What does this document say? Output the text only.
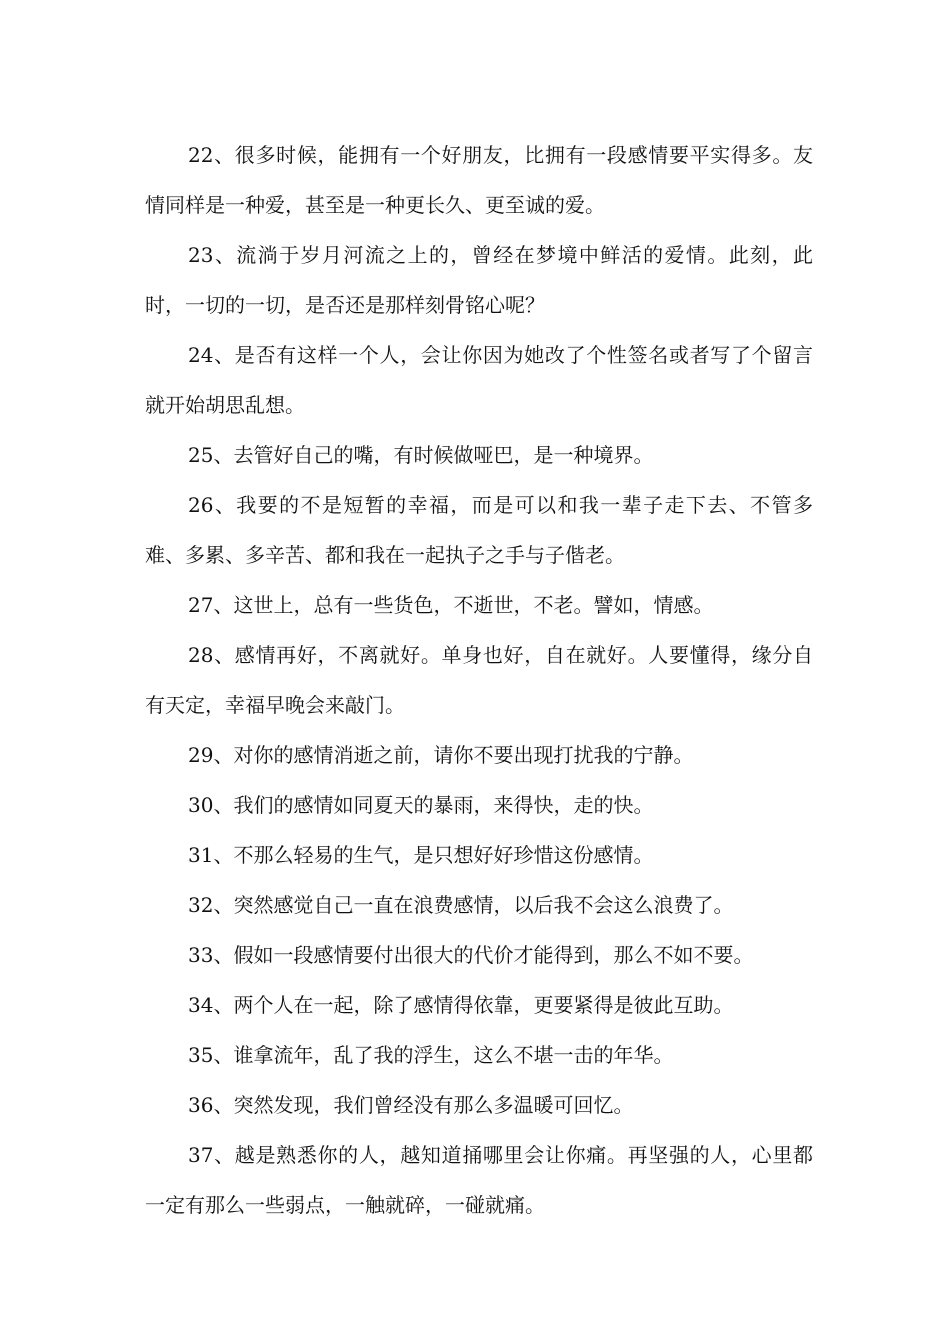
22、很多时候，能拥有一个好朋友，比拥有一段感情要平实得多。友情同样是一种爱，甚至是一种更长久、更至诚的爱。

23、流淌于岁月河流之上的，曾经在梦境中鲜活的爱情。此刻，此时，一切的一切，是否还是那样刻骨铭心呢？

24、是否有这样一个人，会让你因为她改了个性签名或者写了个留言就开始胡思乱想。

25、去管好自己的嘴，有时候做哑巴，是一种境界。

26、我要的不是短暂的幸福，而是可以和我一辈子走下去、不管多难、多累、多辛苦、都和我在一起执子之手与子偕老。

27、这世上，总有一些货色，不逝世，不老。譬如，情感。

28、感情再好，不离就好。单身也好，自在就好。人要懂得，缘分自有天定，幸福早晚会来敲门。

29、对你的感情消逝之前，请你不要出现打扰我的宁静。

30、我们的感情如同夏天的暴雨，来得快，走的快。

31、不那么轻易的生气，是只想好好珍惜这份感情。

32、突然感觉自己一直在浪费感情，以后我不会这么浪费了。

33、假如一段感情要付出很大的代价才能得到，那么不如不要。

34、两个人在一起，除了感情得依靠，更要紧得是彼此互助。

35、谁拿流年，乱了我的浮生，这么不堪一击的年华。

36、突然发现，我们曾经没有那么多温暖可回忆。

37、越是熟悉你的人，越知道捅哪里会让你痛。再坚强的人，心里都一定有那么一些弱点，一触就碎，一碰就痛。
